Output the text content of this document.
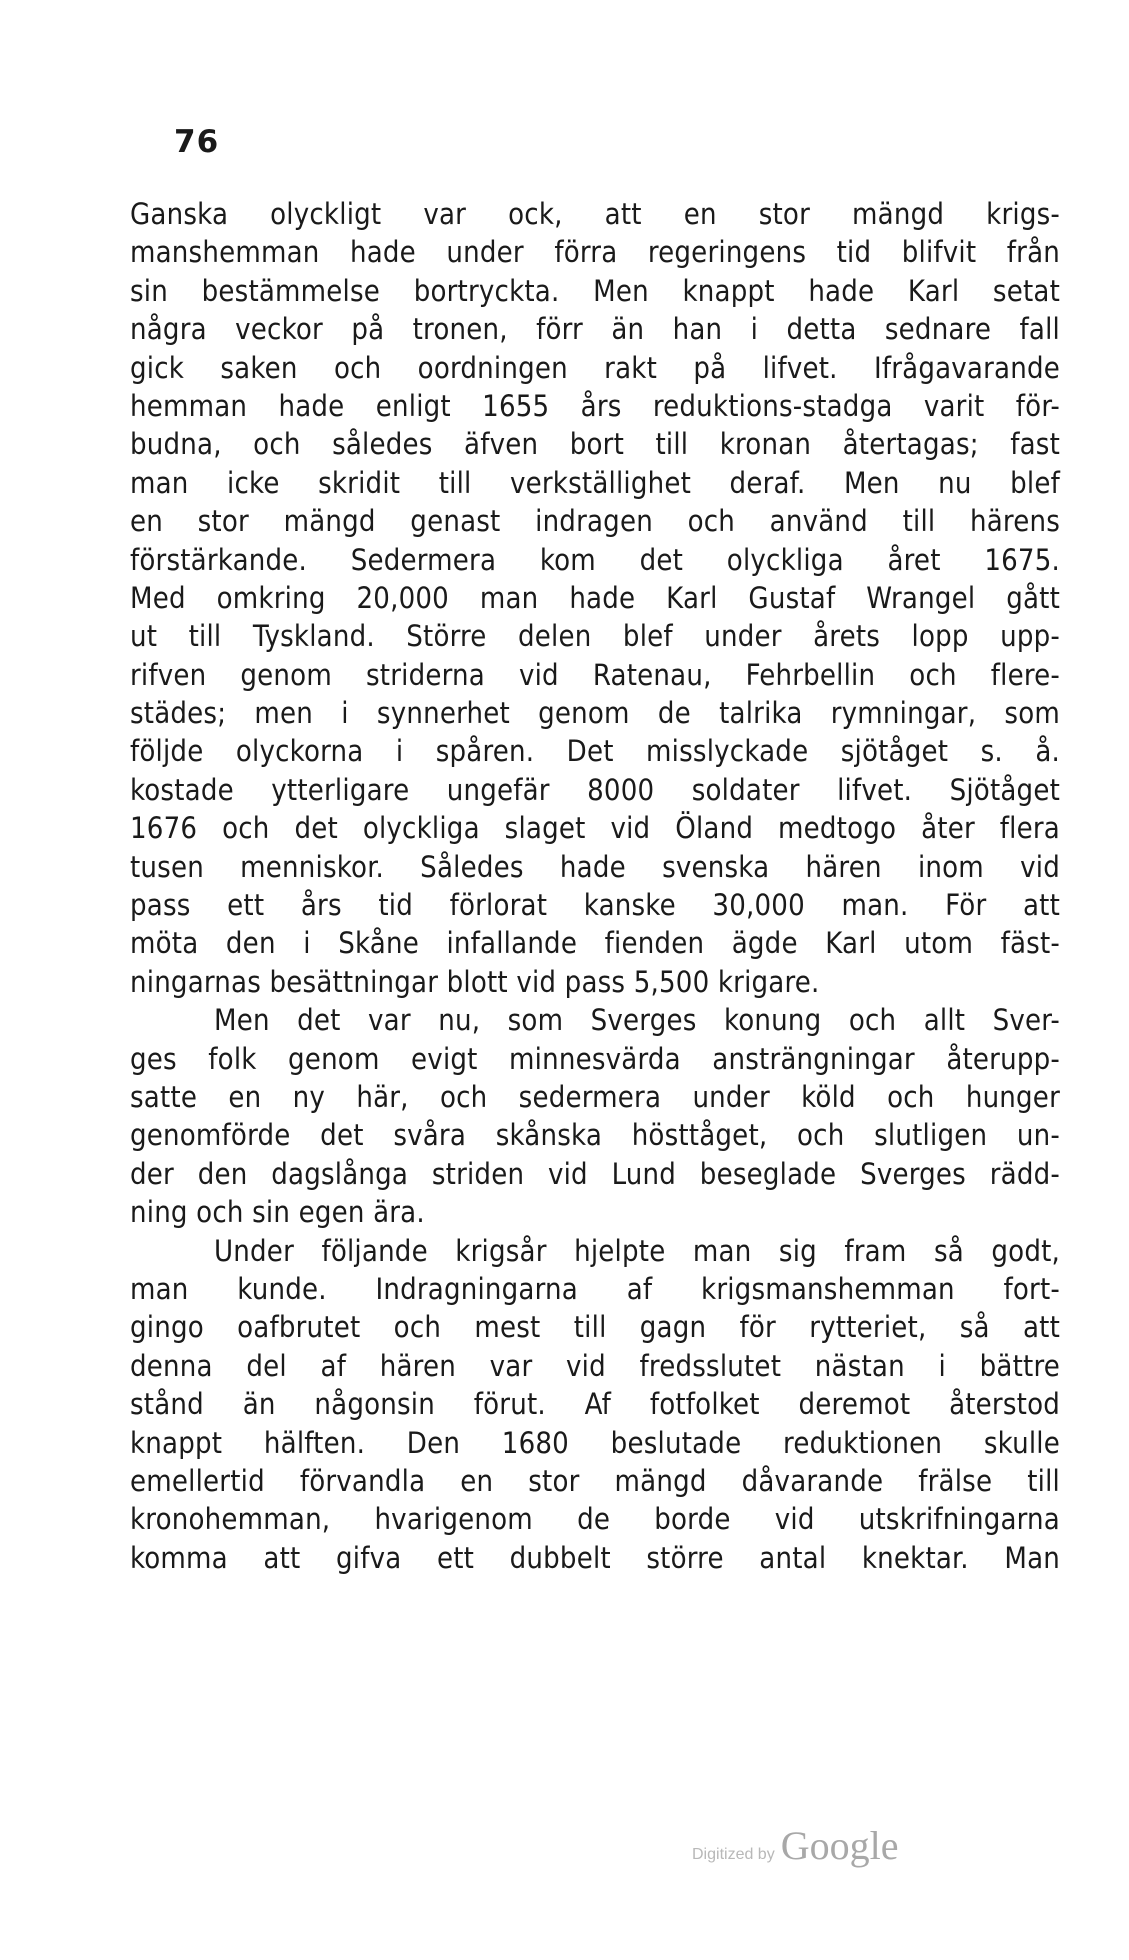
76
Ganska olyckligt var ock, att en stor mängd krigs-
manshemman hade under förra regeringens tid blifvit från
sin bestämmelse bortryckta. Men knappt hade Karl setat
några veckor på tronen, förr än han i detta sednare fall
gick saken och oordningen rakt på lifvet. Ifrågavarande
hemman hade enligt 1655 års reduktions-stadga varit för-
budna, och således äfven bort till kronan återtagas; fast
man icke skridit till verkställighet deraf. Men nu blef
en stor mängd genast indragen och använd till härens
förstärkande. Sedermera kom det olyckliga året 1675.
Med omkring 20,000 man hade Karl Gustaf Wrangel gått
ut till Tyskland. Större delen blef under årets lopp upp-
rifven genom striderna vid Ratenau, Fehrbellin och flere-
städes; men i synnerhet genom de talrika rymningar, som
följde olyckorna i spåren. Det misslyckade sjötåget s. å.
kostade ytterligare ungefär 8000 soldater lifvet. Sjötåget
1676 och det olyckliga slaget vid Öland medtogo åter flera
tusen menniskor. Således hade svenska hären inom vid
pass ett års tid förlorat kanske 30,000 man. För att
möta den i Skåne infallande fienden ägde Karl utom fäst-
ningarnas besättningar blott vid pass 5,500 krigare.
Men det var nu, som Sverges konung och allt Sver-
ges folk genom evigt minnesvärda ansträngningar återupp-
satte en ny här, och sedermera under köld och hunger
genomförde det svåra skånska hösttåget, och slutligen un-
der den dagslånga striden vid Lund beseglade Sverges rädd-
ning och sin egen ära.
Under följande krigsår hjelpte man sig fram så godt,
man kunde. Indragningarna af krigsmanshemman fort-
gingo oafbrutet och mest till gagn för rytteriet, så att
denna del af hären var vid fredsslutet nästan i bättre
stånd än någonsin förut. Af fotfolket deremot återstod
knappt hälften. Den 1680 beslutade reduktionen skulle
emellertid förvandla en stor mängd dåvarande frälse till
kronohemman, hvarigenom de borde vid utskrifningarna
komma att gifva ett dubbelt större antal knektar. Man
Digitized by Google
